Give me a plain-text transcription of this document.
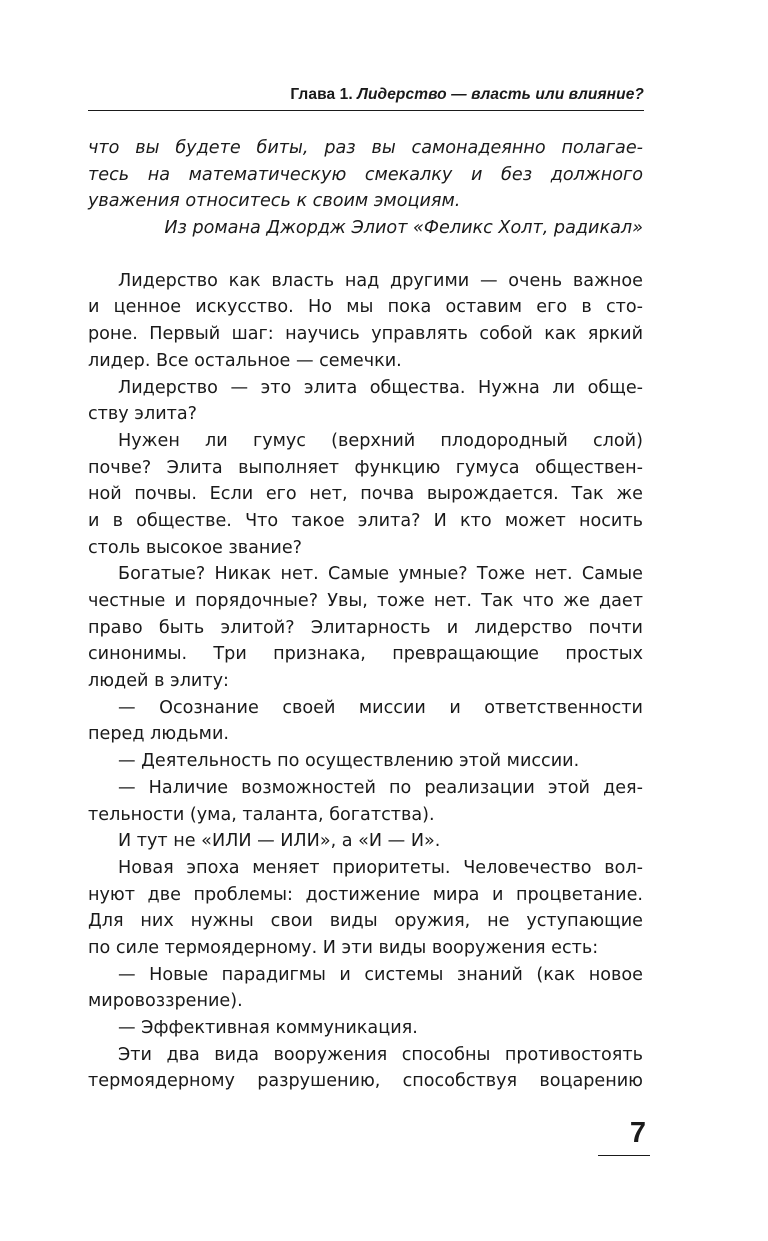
Глава 1. Лидерство — власть или влияние?
что вы будете биты, раз вы самонадеянно полагае-
тесь на математическую смекалку и без должного
уважения относитесь к своим эмоциям.
Из романа Джордж Элиот «Феликс Холт, радикал»
Лидерство как власть над другими — очень важное
и ценное искусство. Но мы пока оставим его в сто-
роне. Первый шаг: научись управлять собой как яркий
лидер. Все остальное — семечки.
Лидерство — это элита общества. Нужна ли обще-
ству элита?
Нужен ли гумус (верхний плодородный слой)
почве? Элита выполняет функцию гумуса обществен-
ной почвы. Если его нет, почва вырождается. Так же
и в обществе. Что такое элита? И кто может носить
столь высокое звание?
Богатые? Никак нет. Самые умные? Тоже нет. Самые
честные и порядочные? Увы, тоже нет. Так что же дает
право быть элитой? Элитарность и лидерство почти
синонимы. Три признака, превращающие простых
людей в элиту:
— Осознание своей миссии и ответственности
перед людьми.
— Деятельность по осуществлению этой миссии.
— Наличие возможностей по реализации этой дея-
тельности (ума, таланта, богатства).
И тут не «ИЛИ — ИЛИ», а «И — И».
Новая эпоха меняет приоритеты. Человечество вол-
нуют две проблемы: достижение мира и процветание.
Для них нужны свои виды оружия, не уступающие
по силе термоядерному. И эти виды вооружения есть:
— Новые парадигмы и системы знаний (как новое
мировоззрение).
— Эффективная коммуникация.
Эти два вида вооружения способны противостоять
термоядерному разрушению, способствуя воцарению
7
